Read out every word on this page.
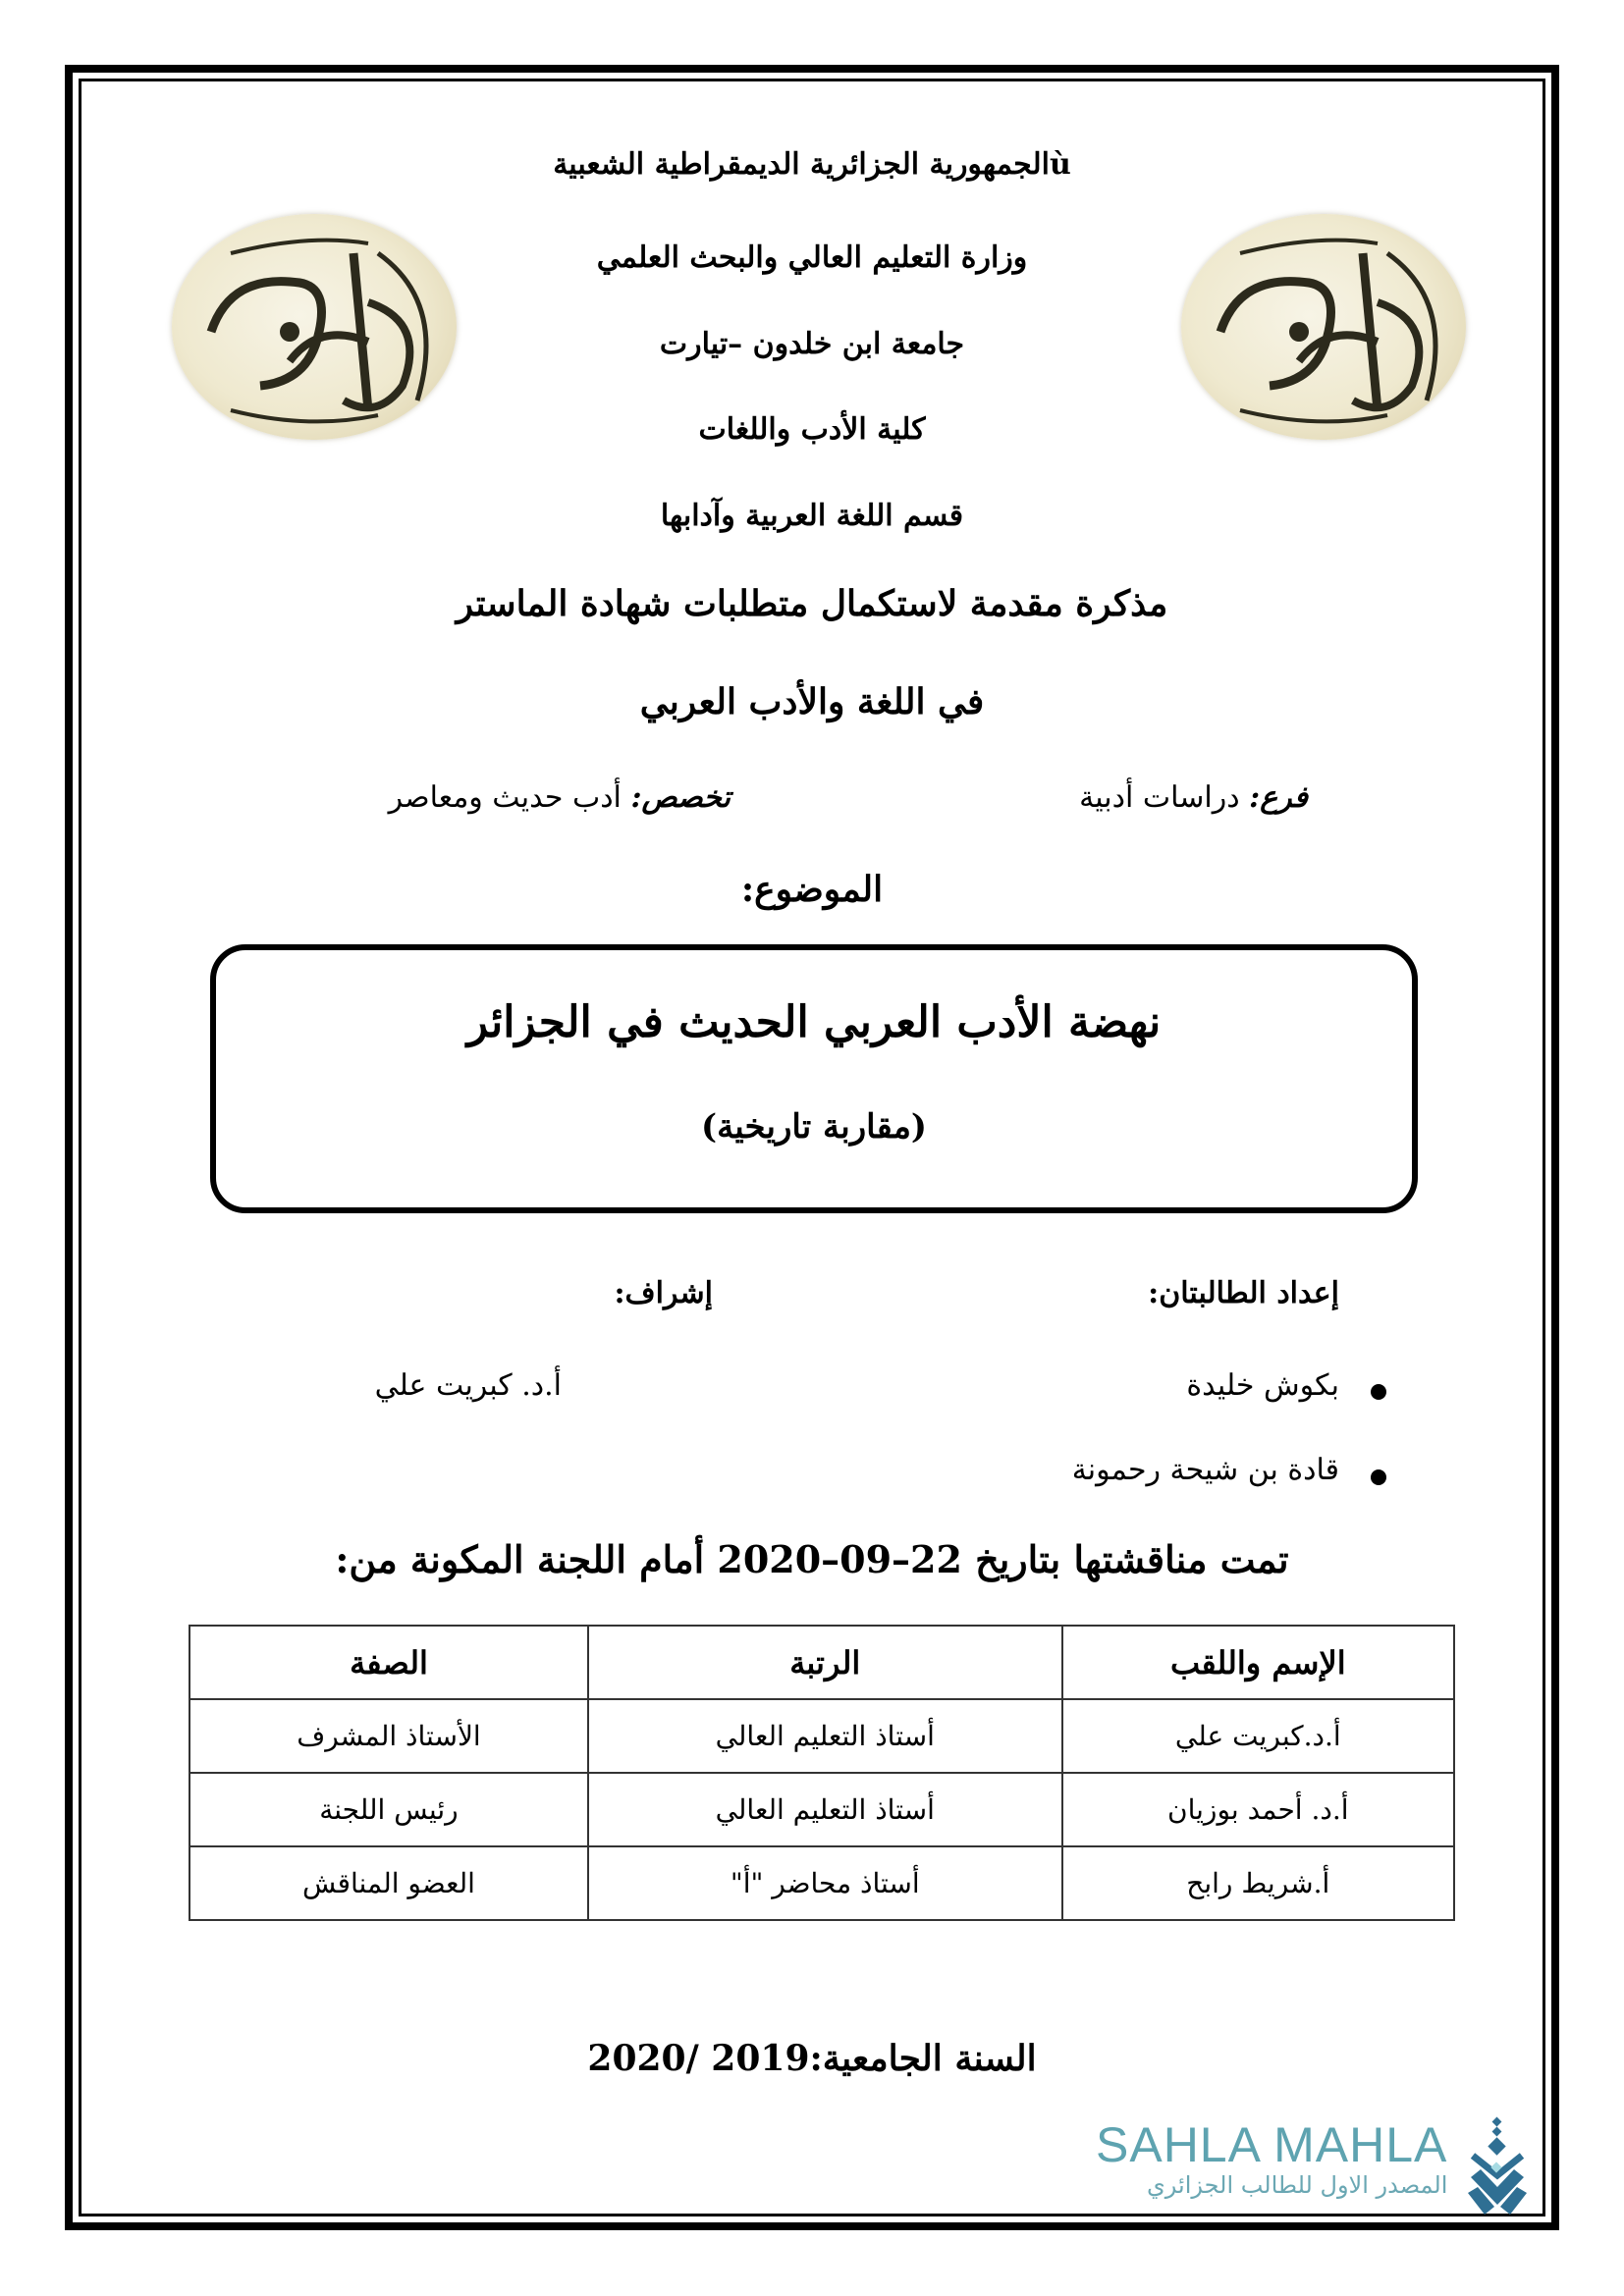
ùالجمهورية الجزائرية الديمقراطية الشعبية
وزارة التعليم العالي والبحث العلمي
جامعة ابن خلدون –تيارت
كلية الأدب واللغات
قسم اللغة العربية وآدابها
مذكرة مقدمة لاستكمال متطلبات شهادة الماستر
في اللغة والأدب العربي
فرع: دراسات أدبية
تخصص: أدب حديث ومعاصر
الموضوع:
نهضة الأدب العربي الحديث في الجزائر
(مقاربة تاريخية)
إعداد الطالبتان:
إشراف:
بكوش خليدة
أ.د. كبريت علي
قادة بن شيحة رحمونة
تمت مناقشتها بتاريخ 22–09–2020 أمام اللجنة المكونة من:
الإسم واللقب	الرتبة	الصفة
أ.د.كبريت علي	أستاذ التعليم العالي	الأستاذ المشرف
أ.د. أحمد بوزيان	أستاذ التعليم العالي	رئيس اللجنة
أ.شريط رابح	أستاذ محاضر "أ"	العضو المناقش
السنة الجامعية:2019 /2020
SAHLA MAHLA
المصدر الاول للطالب الجزائري
